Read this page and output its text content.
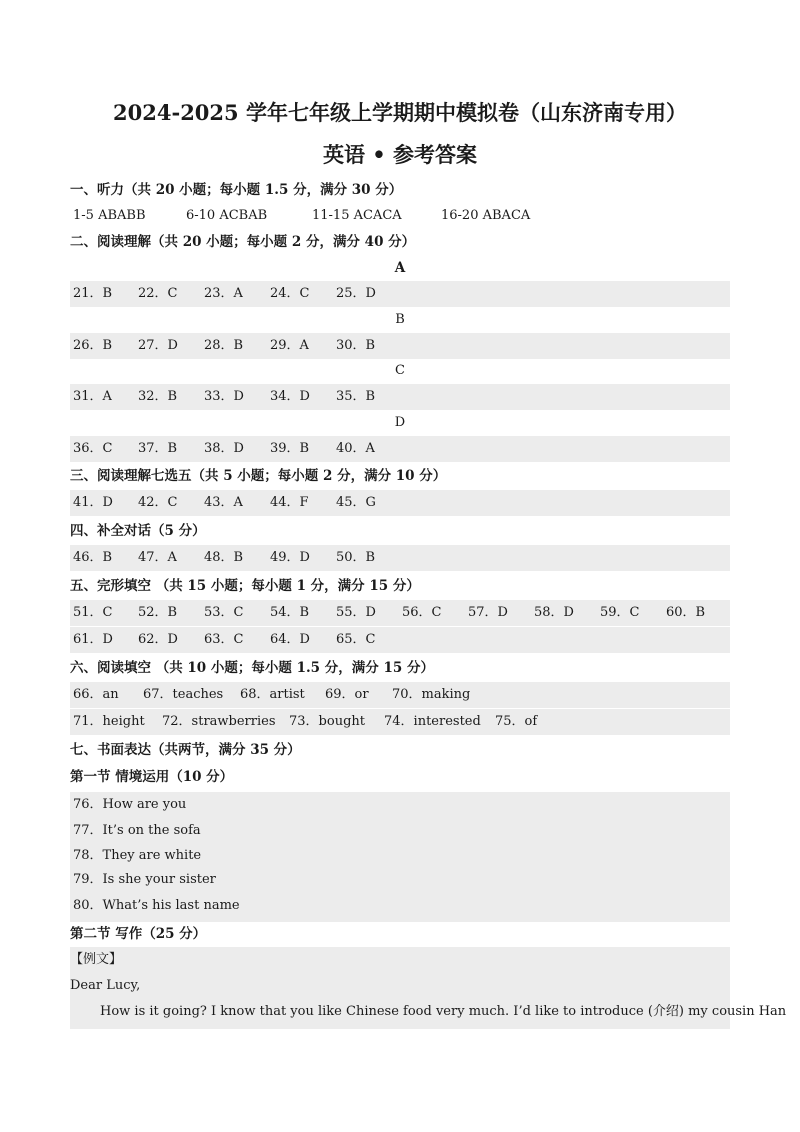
2024-2025 学年七年级上学期期中模拟卷（山东济南专用）
英语 • 参考答案
一、听力（共 20 小题；每小题 1.5 分，满分 30 分）
1-5 ABABB	6-10 ACBAB	11-15 ACACA	16-20 ABACA
二、阅读理解（共 20 小题；每小题 2 分，满分 40 分）
A
21．B 22．C 23．A 24．C 25．D
B
26．B 27．D 28．B 29．A 30．B
C
31．A 32．B 33．D 34．D 35．B
D
36．C 37．B 38．D 39．B 40．A
三、阅读理解七选五（共 5 小题；每小题 2 分，满分 10 分）
41．D 42．C 43．A 44．F 45．G
四、补全对话（5 分）
46．B 47．A 48．B 49．D 50．B
五、完形填空 （共 15 小题；每小题 1 分，满分 15 分）
51．C 52．B 53．C 54．B 55．D 56．C 57．D 58．D 59．C 60．B
61．D 62．D 63．C 64．D 65．C
六、阅读填空 （共 10 小题；每小题 1.5 分，满分 15 分）
66．an 67．teaches 68．artist 69．or 70．making
71．height 72．strawberries 73．bought 74．interested 75．of
七、书面表达（共两节，满分 35 分）
第一节 情境运用（10 分）
76．How are you
77．It’s on the sofa
78．They are white
79．Is she your sister
80．What’s his last name
第二节 写作（25 分）
【例文】
Dear Lucy,
How is it going? I know that you like Chinese food very much. I’d like to introduce (介绍) my cousin Han
